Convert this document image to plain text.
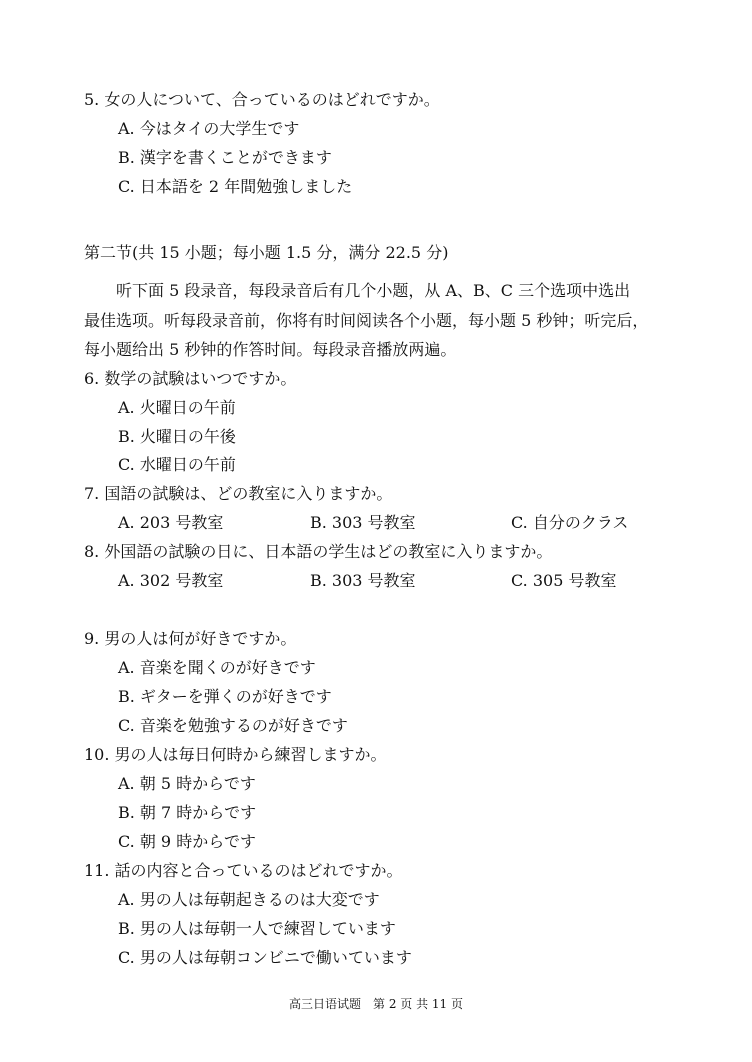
5. 女の人について、合っているのはどれですか。
A. 今はタイの大学生です
B. 漢字を書くことができます
C. 日本語を 2 年間勉強しました
第二节(共 15 小题；每小题 1.5 分，满分 22.5 分)
听下面 5 段录音，每段录音后有几个小题，从 A、B、C 三个选项中选出
最佳选项。听每段录音前，你将有时间阅读各个小题，每小题 5 秒钟；听完后，
每小题给出 5 秒钟的作答时间。每段录音播放两遍。
6. 数学の試験はいつですか。
A. 火曜日の午前
B. 火曜日の午後
C. 水曜日の午前
7. 国語の試験は、どの教室に入りますか。
A. 203 号教室	B. 303 号教室	C. 自分のクラス
8. 外国語の試験の日に、日本語の学生はどの教室に入りますか。
A. 302 号教室	B. 303 号教室	C. 305 号教室
9. 男の人は何が好きですか。
A. 音楽を聞くのが好きです
B. ギターを弾くのが好きです
C. 音楽を勉強するのが好きです
10. 男の人は毎日何時から練習しますか。
A. 朝 5 時からです
B. 朝 7 時からです
C. 朝 9 時からです
11. 話の内容と合っているのはどれですか。
A. 男の人は毎朝起きるのは大変です
B. 男の人は毎朝一人で練習しています
C. 男の人は毎朝コンビニで働いています
高三日语试题　第 2 页 共 11 页
